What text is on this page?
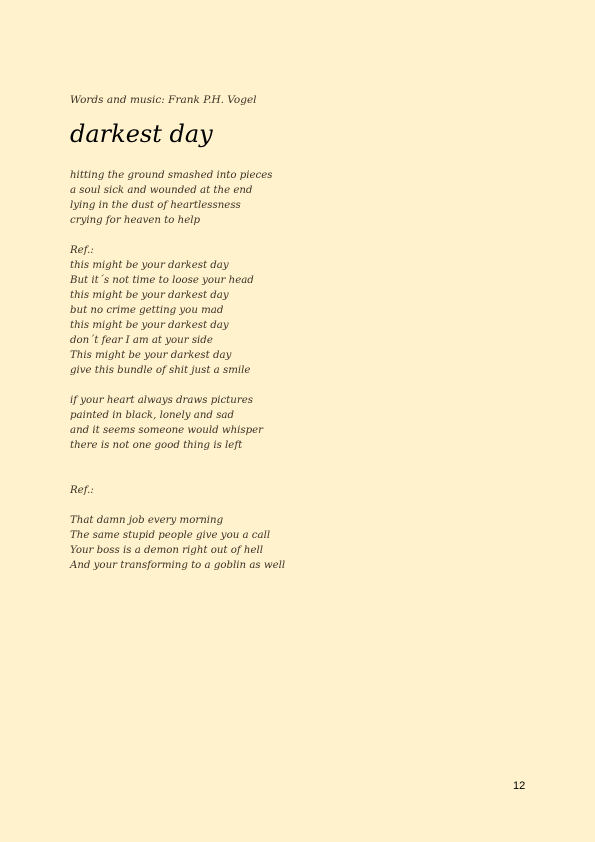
Words and music: Frank P.H. Vogel
darkest day
hitting the ground smashed into pieces
a soul sick and wounded at the end
lying in the dust of heartlessness
crying for heaven to help
Ref.:
this might be your darkest day
But it´s not time to loose your head
this might be your darkest day
but no crime getting you mad
this might be your darkest day
don´t fear I am at your side
This might be your darkest day
give this bundle of shit just a smile
if your heart always draws pictures
painted in black, lonely and sad
and it seems someone would whisper
there is not one good thing is left
Ref.:
That damn job every morning
The same stupid people give you a call
Your boss is a demon right out of hell
And your transforming to a goblin as well
12
